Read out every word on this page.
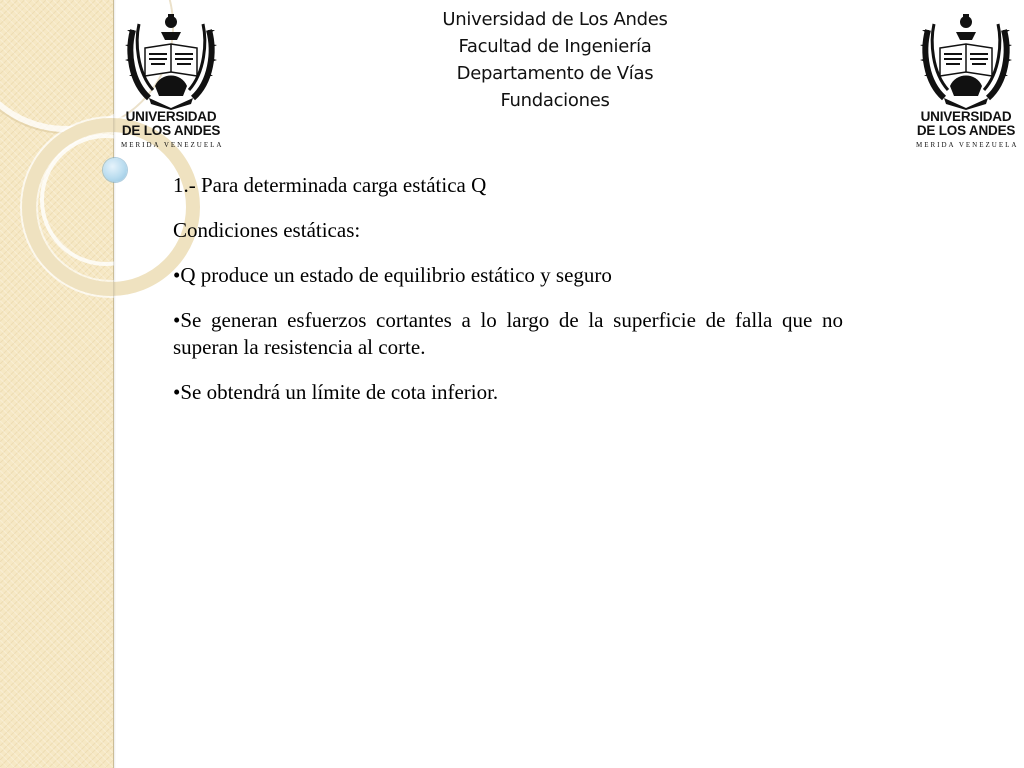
UNIVERSIDAD
DE LOS ANDES
MERIDA VENEZUELA
UNIVERSIDAD
DE LOS ANDES
MERIDA VENEZUELA
Universidad de Los Andes
Facultad de Ingeniería
Departamento de Vías
Fundaciones

1.- Para determinada carga estática Q

Condiciones estáticas:

•Q produce un estado de equilibrio estático y seguro

•Se generan esfuerzos cortantes a lo largo de la superficie de falla que no superan la resistencia al corte.

•Se obtendrá un límite de cota inferior.
